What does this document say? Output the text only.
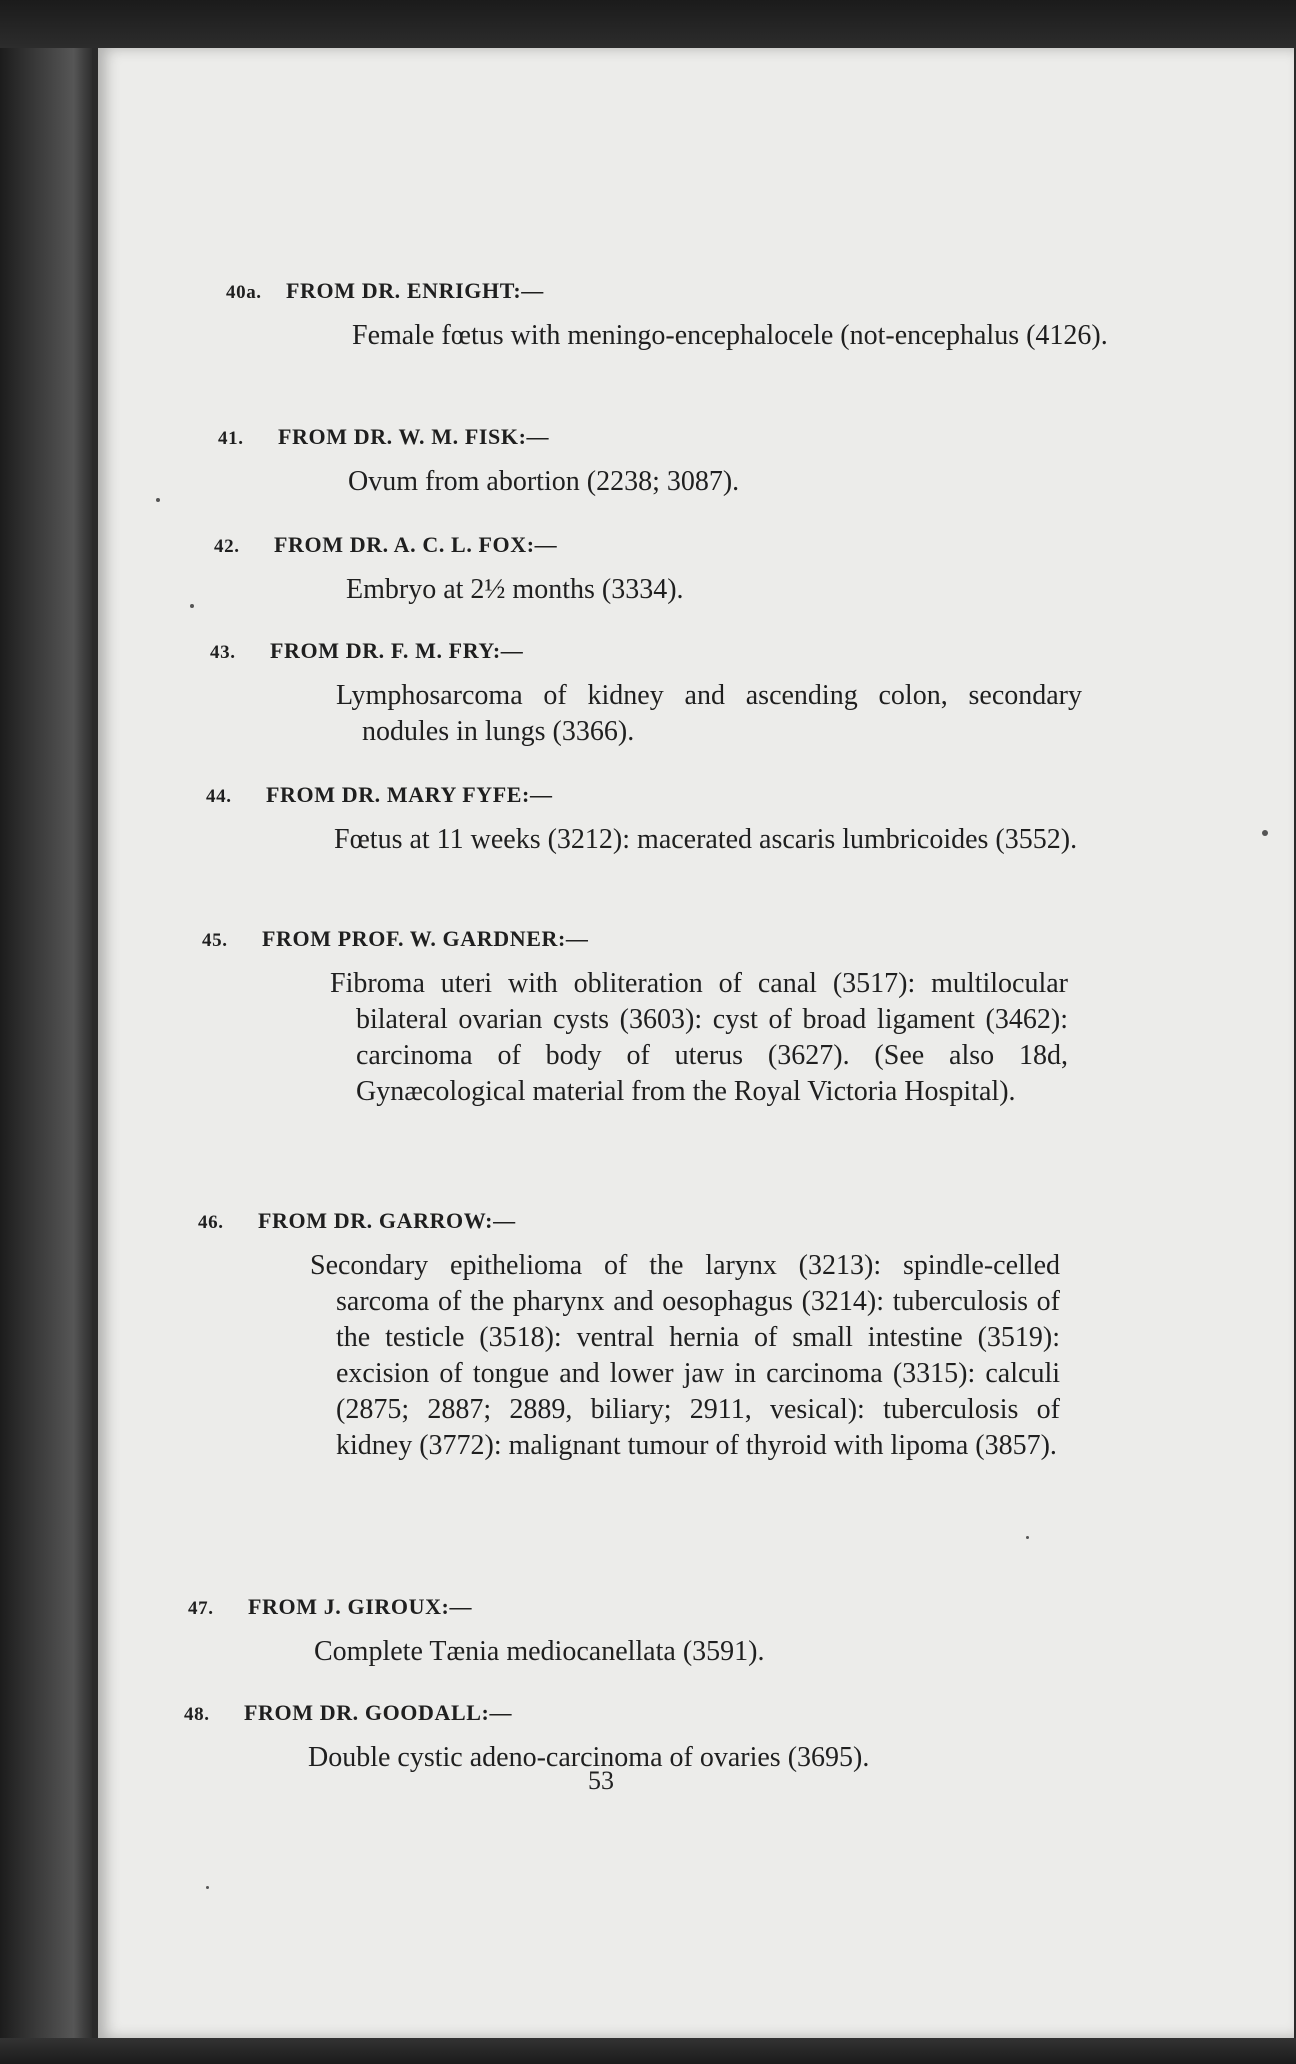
40a. FROM DR. ENRIGHT:—
Female fœtus with meningo-encephalocele (not-encephalus (4126).
41. FROM DR. W. M. FISK:—
Ovum from abortion (2238; 3087).
42. FROM DR. A. C. L. FOX:—
Embryo at 2½ months (3334).
43. FROM DR. F. M. FRY:—
Lymphosarcoma of kidney and ascending colon, secondary nodules in lungs (3366).
44. FROM DR. MARY FYFE:—
Fœtus at 11 weeks (3212): macerated ascaris lumbricoides (3552).
45. FROM PROF. W. GARDNER:—
Fibroma uteri with obliteration of canal (3517): multilocular bilateral ovarian cysts (3603): cyst of broad ligament (3462): carcinoma of body of uterus (3627). (See also 18d, Gynæcological material from the Royal Victoria Hospital).
46. FROM DR. GARROW:—
Secondary epithelioma of the larynx (3213): spindle-celled sarcoma of the pharynx and oesophagus (3214): tuberculosis of the testicle (3518): ventral hernia of small intestine (3519): excision of tongue and lower jaw in carcinoma (3315): calculi (2875; 2887; 2889, biliary; 2911, vesical): tuberculosis of kidney (3772): malignant tumour of thyroid with lipoma (3857).
47. FROM J. GIROUX:—
Complete Tænia mediocanellata (3591).
48. FROM DR. GOODALL:—
Double cystic adeno-carcinoma of ovaries (3695).
53
